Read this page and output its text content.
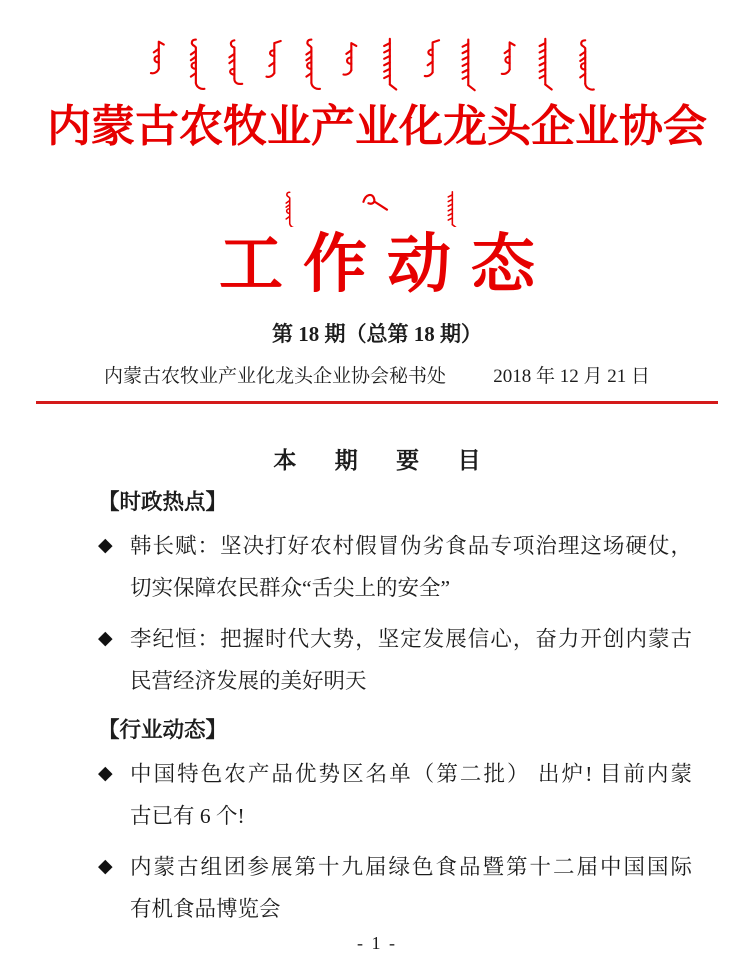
内蒙古农牧业产业化龙头企业协会
工作动态
第 18 期（总第 18 期）
内蒙古农牧业产业化龙头企业协会秘书处 2018 年 12 月 21 日
本 期 要 目
【时政热点】
◆ 韩长赋：坚决打好农村假冒伪劣食品专项治理这场硬仗，
切实保障农民群众“舌尖上的安全”
◆ 李纪恒：把握时代大势，坚定发展信心，奋力开创内蒙古
民营经济发展的美好明天
【行业动态】
◆ 中国特色农产品优势区名单（第二批） 出炉! 目前内蒙
古已有 6 个!
◆ 内蒙古组团参展第十九届绿色食品暨第十二届中国国际
有机食品博览会
- 1 -
